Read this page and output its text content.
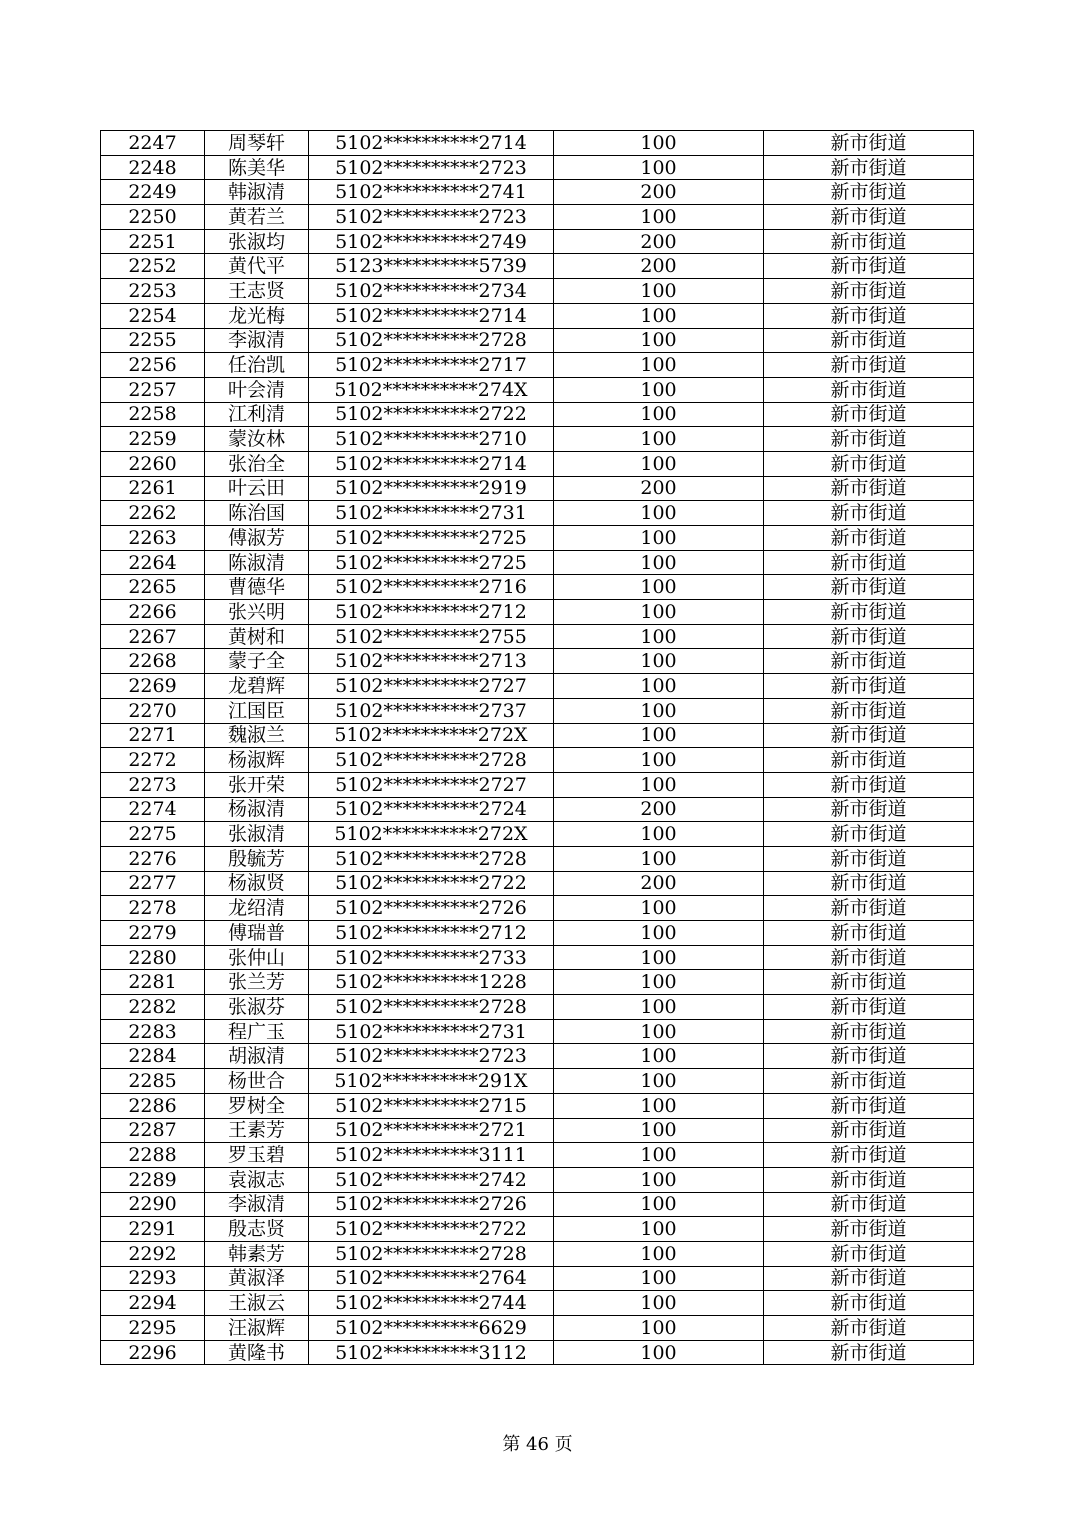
2247	周琴轩	5102**********2714	100	新市街道
2248	陈美华	5102**********2723	100	新市街道
2249	韩淑清	5102**********2741	200	新市街道
2250	黄若兰	5102**********2723	100	新市街道
2251	张淑均	5102**********2749	200	新市街道
2252	黄代平	5123**********5739	200	新市街道
2253	王志贤	5102**********2734	100	新市街道
2254	龙光梅	5102**********2714	100	新市街道
2255	李淑清	5102**********2728	100	新市街道
2256	任治凯	5102**********2717	100	新市街道
2257	叶会清	5102**********274X	100	新市街道
2258	江利清	5102**********2722	100	新市街道
2259	蒙汝林	5102**********2710	100	新市街道
2260	张治全	5102**********2714	100	新市街道
2261	叶云田	5102**********2919	200	新市街道
2262	陈治国	5102**********2731	100	新市街道
2263	傅淑芳	5102**********2725	100	新市街道
2264	陈淑清	5102**********2725	100	新市街道
2265	曹德华	5102**********2716	100	新市街道
2266	张兴明	5102**********2712	100	新市街道
2267	黄树和	5102**********2755	100	新市街道
2268	蒙子全	5102**********2713	100	新市街道
2269	龙碧辉	5102**********2727	100	新市街道
2270	江国臣	5102**********2737	100	新市街道
2271	魏淑兰	5102**********272X	100	新市街道
2272	杨淑辉	5102**********2728	100	新市街道
2273	张开荣	5102**********2727	100	新市街道
2274	杨淑清	5102**********2724	200	新市街道
2275	张淑清	5102**********272X	100	新市街道
2276	殷毓芳	5102**********2728	100	新市街道
2277	杨淑贤	5102**********2722	200	新市街道
2278	龙绍清	5102**********2726	100	新市街道
2279	傅瑞普	5102**********2712	100	新市街道
2280	张仲山	5102**********2733	100	新市街道
2281	张兰芳	5102**********1228	100	新市街道
2282	张淑芬	5102**********2728	100	新市街道
2283	程广玉	5102**********2731	100	新市街道
2284	胡淑清	5102**********2723	100	新市街道
2285	杨世合	5102**********291X	100	新市街道
2286	罗树全	5102**********2715	100	新市街道
2287	王素芳	5102**********2721	100	新市街道
2288	罗玉碧	5102**********3111	100	新市街道
2289	袁淑志	5102**********2742	100	新市街道
2290	李淑清	5102**********2726	100	新市街道
2291	殷志贤	5102**********2722	100	新市街道
2292	韩素芳	5102**********2728	100	新市街道
2293	黄淑泽	5102**********2764	100	新市街道
2294	王淑云	5102**********2744	100	新市街道
2295	汪淑辉	5102**********6629	100	新市街道
2296	黄隆书	5102**********3112	100	新市街道
第 46 页
